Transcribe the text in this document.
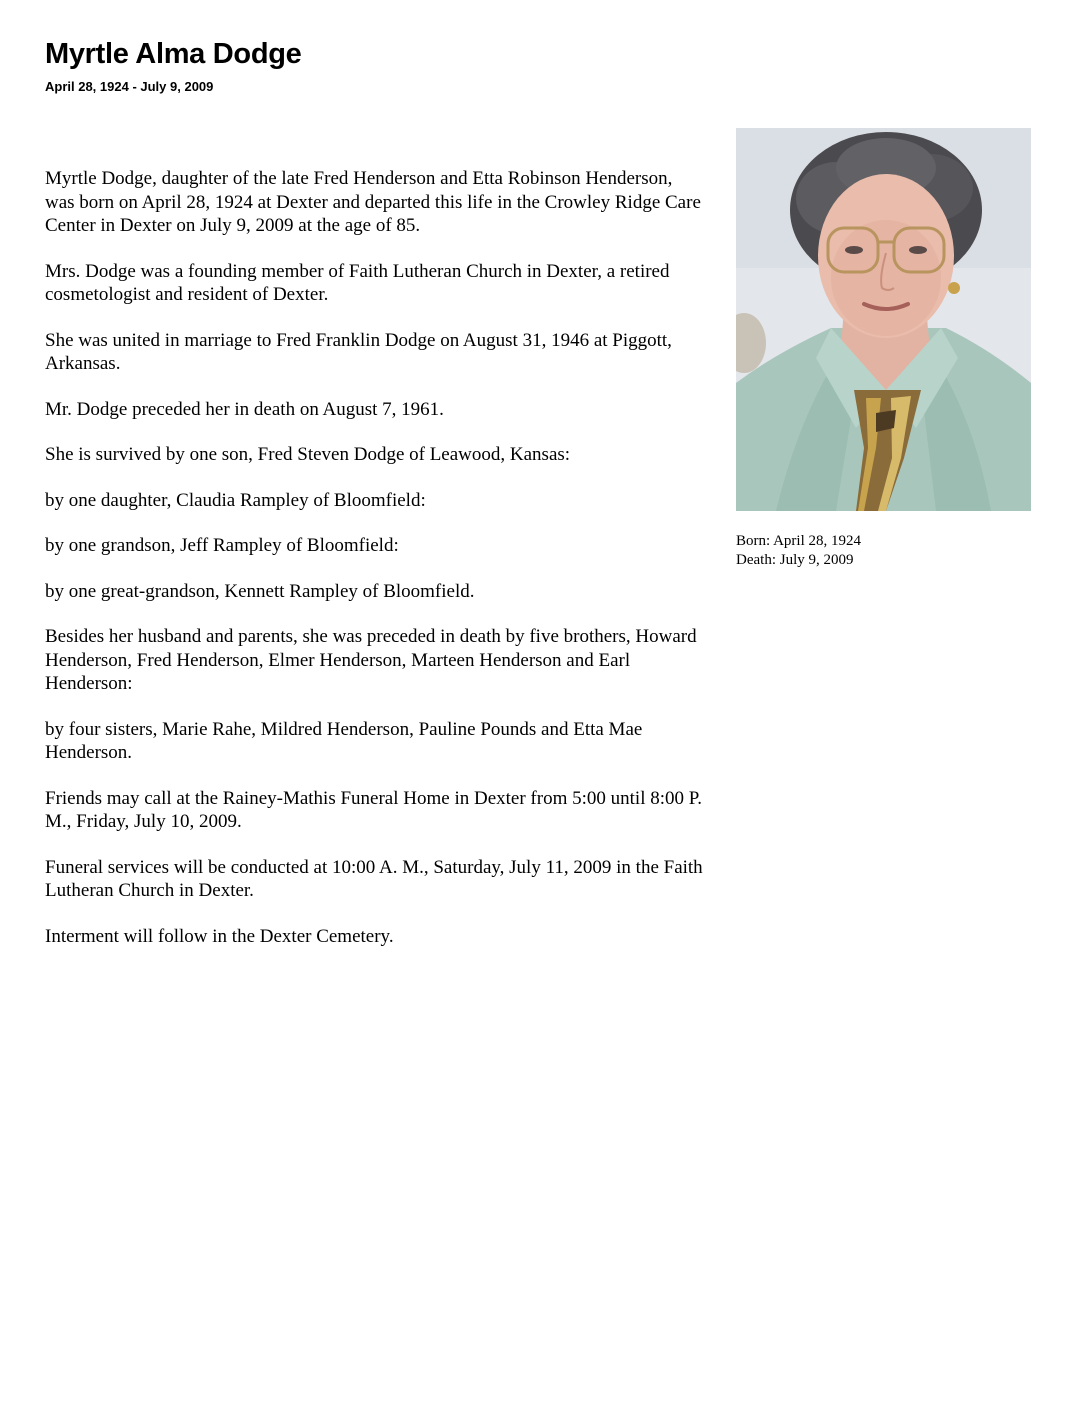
Myrtle Alma Dodge
April 28, 1924 - July 9, 2009

Myrtle Dodge, daughter of the late Fred Henderson and Etta Robinson Henderson, was born on April 28, 1924 at Dexter and departed this life in the Crowley Ridge Care Center in Dexter on July 9, 2009 at the age of 85.

Mrs. Dodge was a founding member of Faith Lutheran Church in Dexter, a retired cosmetologist and resident of Dexter.

She was united in marriage to Fred Franklin Dodge on August 31, 1946 at Piggott, Arkansas.

Mr. Dodge preceded her in death on August 7, 1961.

She is survived by one son, Fred Steven Dodge of Leawood, Kansas:

by one daughter, Claudia Rampley of Bloomfield:

by one grandson, Jeff Rampley of Bloomfield:

by one great-grandson, Kennett Rampley of Bloomfield.

Besides her husband and parents, she was preceded in death by five brothers, Howard Henderson, Fred Henderson, Elmer Henderson, Marteen Henderson and Earl Henderson:

by four sisters, Marie Rahe, Mildred Henderson, Pauline Pounds and Etta Mae Henderson.

Friends may call at the Rainey-Mathis Funeral Home in Dexter from 5:00 until 8:00 P. M., Friday, July 10, 2009.

Funeral services will be conducted at 10:00 A. M., Saturday, July 11, 2009 in the Faith Lutheran Church in Dexter.

Interment will follow in the Dexter Cemetery.

Born: April 28, 1924
Death: July 9, 2009
